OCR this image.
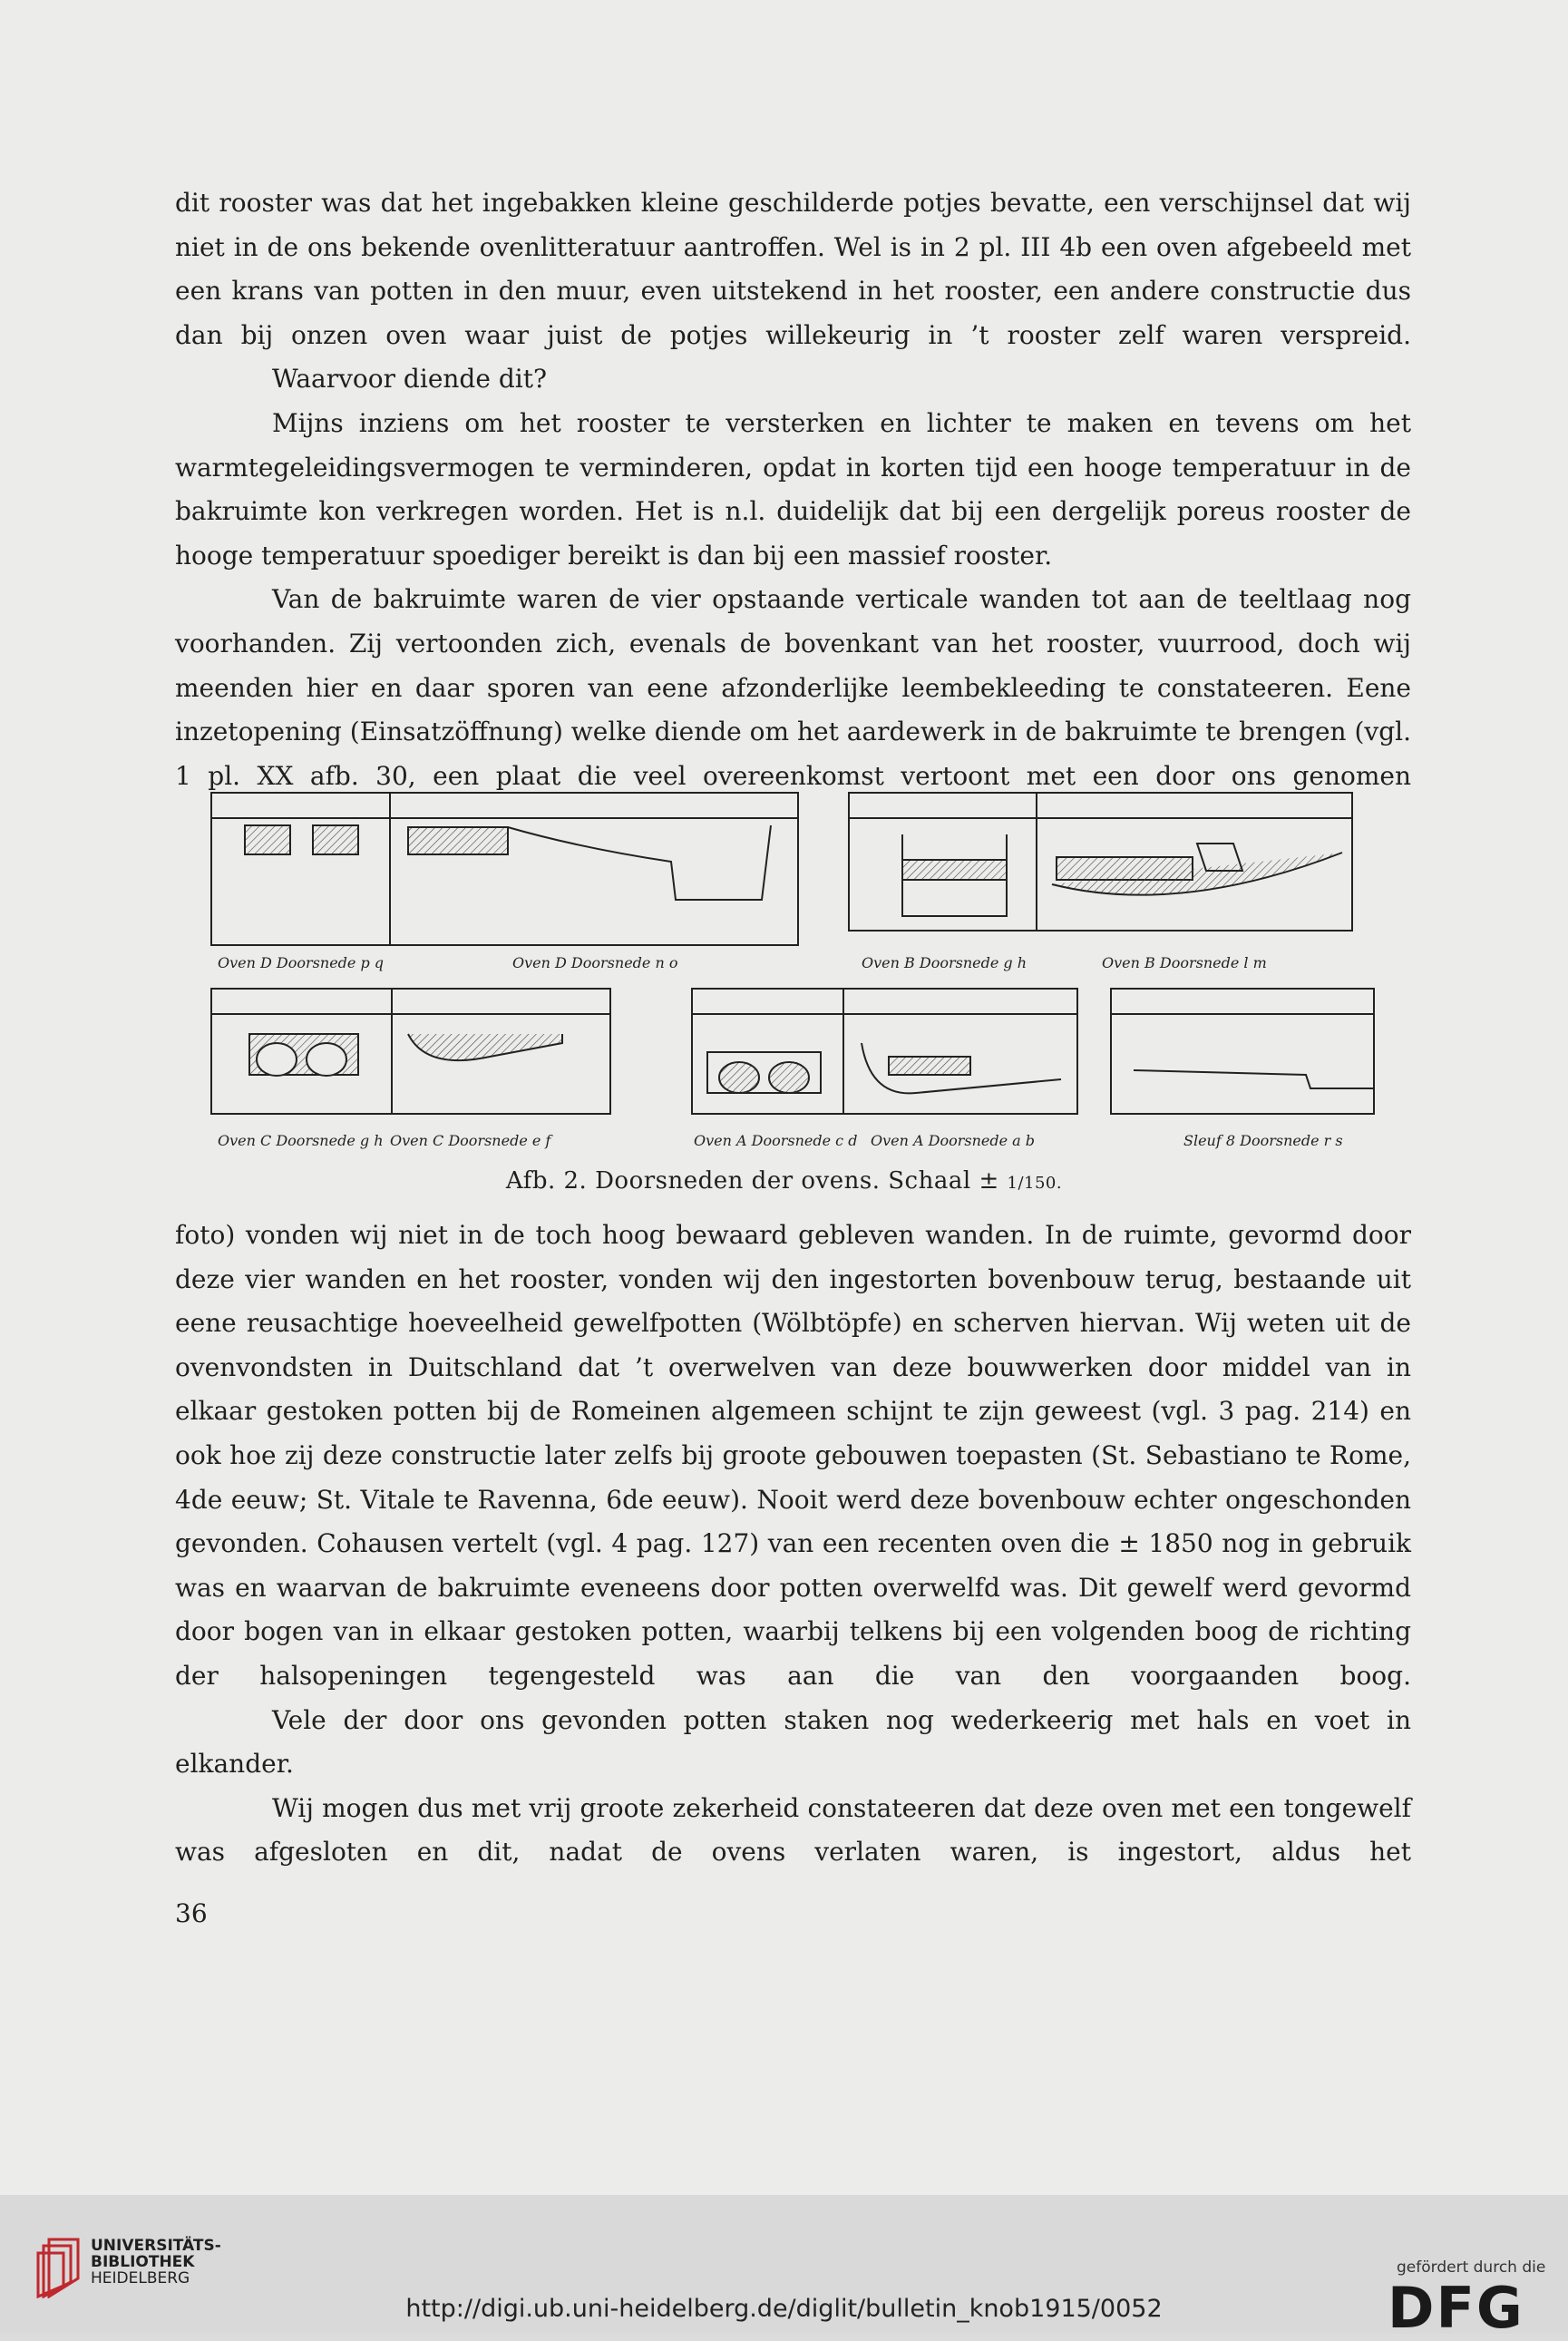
dit rooster was dat het ingebakken kleine geschilderde potjes bevatte, een verschijnsel dat wij niet in de ons bekende ovenlitteratuur aantroffen. Wel is in 2 pl. III 4b een oven afgebeeld met een krans van potten in den muur, even uitstekend in het rooster, een andere constructie dus dan bij onzen oven waar juist de potjes willekeurig in ’t rooster zelf waren verspreid.

Waarvoor diende dit?

Mijns inziens om het rooster te versterken en lichter te maken en tevens om het warmtegeleidingsvermogen te verminderen, opdat in korten tijd een hooge temperatuur in de bakruimte kon verkregen worden. Het is n.l. duidelijk dat bij een dergelijk poreus rooster de hooge temperatuur spoediger bereikt is dan bij een massief rooster.

Van de bakruimte waren de vier opstaande verticale wanden tot aan de teeltlaag nog voorhanden. Zij vertoonden zich, evenals de bovenkant van het rooster, vuurrood, doch wij meenden hier en daar sporen van eene afzonderlijke leembekleeding te constateeren. Eene inzetopening (Einsatzöffnung) welke diende om het aardewerk in de bakruimte te brengen (vgl. 1 pl. XX afb. 30, een plaat die veel overeenkomst vertoont met een door ons genomen

Oven D Doorsnede p q	Oven D Doorsnede n o	Oven B Doorsnede g h	Oven B Doorsnede l m
Oven C Doorsnede g h Oven C Doorsnede e f	Oven A Doorsnede c d Oven A Doorsnede a b	Sleuf 8 Doorsnede r s
Afb. 2. Doorsneden der ovens. Schaal ± 1/150.

foto) vonden wij niet in de toch hoog bewaard gebleven wanden. In de ruimte, gevormd door deze vier wanden en het rooster, vonden wij den ingestorten bovenbouw terug, bestaande uit eene reusachtige hoeveelheid gewelfpotten (Wölbtöpfe) en scherven hiervan. Wij weten uit de ovenvondsten in Duitschland dat ’t overwelven van deze bouwwerken door middel van in elkaar gestoken potten bij de Romeinen algemeen schijnt te zijn geweest (vgl. 3 pag. 214) en ook hoe zij deze constructie later zelfs bij groote gebouwen toepasten (St. Sebastiano te Rome, 4de eeuw; St. Vitale te Ravenna, 6de eeuw). Nooit werd deze bovenbouw echter ongeschonden gevonden. Cohausen vertelt (vgl. 4 pag. 127) van een recenten oven die ± 1850 nog in gebruik was en waarvan de bakruimte eveneens door potten overwelfd was. Dit gewelf werd gevormd door bogen van in elkaar gestoken potten, waarbij telkens bij een volgenden boog de richting der halsopeningen tegengesteld was aan die van den voorgaanden boog.

Vele der door ons gevonden potten staken nog wederkeerig met hals en voet in elkander.

Wij mogen dus met vrij groote zekerheid constateeren dat deze oven met een tongewelf was afgesloten en dit, nadat de ovens verlaten waren, is ingestort, aldus het

36
UNIVERSITÄTS-
BIBLIOTHEK
HEIDELBERG
http://digi.ub.uni-heidelberg.de/diglit/bulletin_knob1915/0052
gefördert durch die
DFG
